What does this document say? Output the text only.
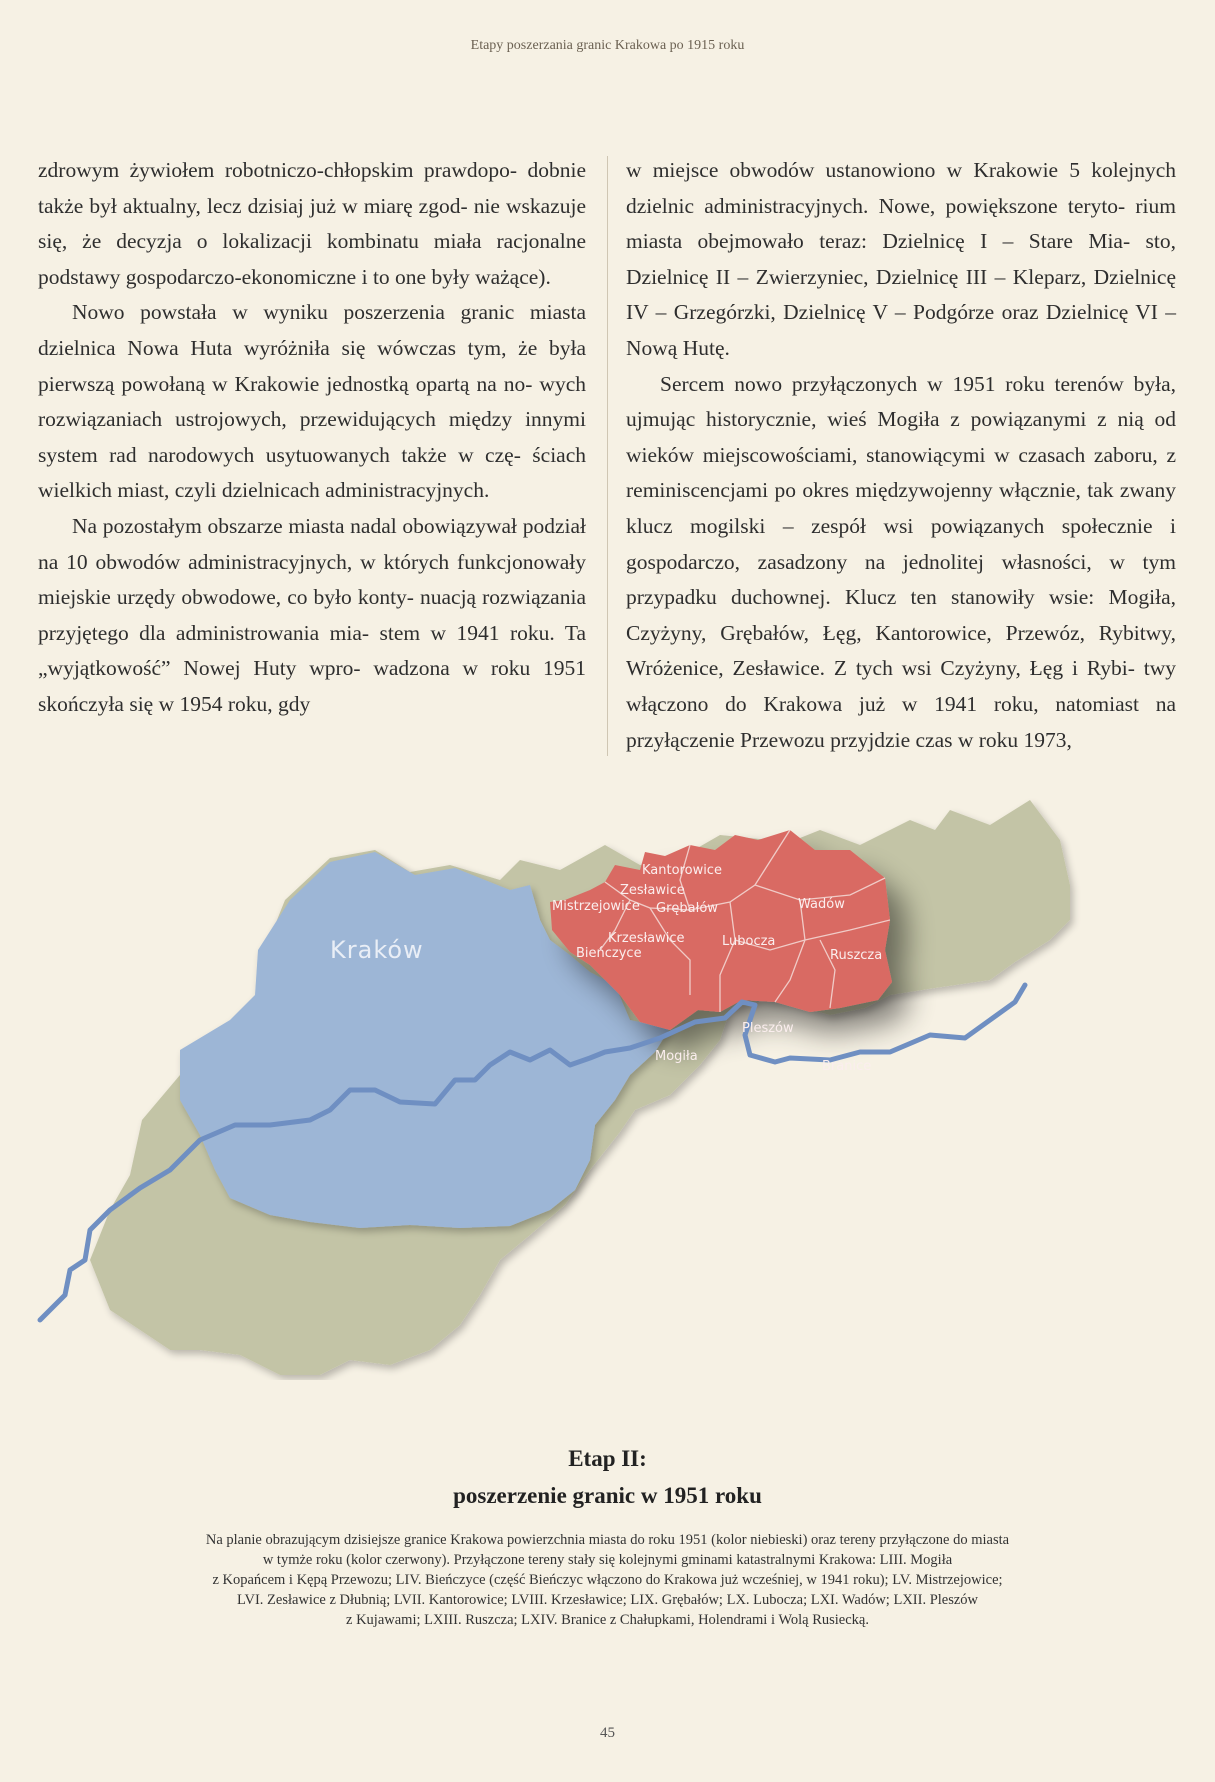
Etapy poszerzania granic Krakowa po 1915 roku

zdrowym żywiołem robotniczo-chłopskim prawdopo- dobnie także był aktualny, lecz dzisiaj już w miarę zgod- nie wskazuje się, że decyzja o lokalizacji kombinatu miała racjonalne podstawy gospodarczo-ekonomiczne i to one były ważące).

Nowo powstała w wyniku poszerzenia granic miasta dzielnica Nowa Huta wyróżniła się wówczas tym, że była pierwszą powołaną w Krakowie jednostką opartą na no- wych rozwiązaniach ustrojowych, przewidujących między innymi system rad narodowych usytuowanych także w czę- ściach wielkich miast, czyli dzielnicach administracyjnych.

Na pozostałym obszarze miasta nadal obowiązywał podział na 10 obwodów administracyjnych, w których funkcjonowały miejskie urzędy obwodowe, co było konty- nuacją rozwiązania przyjętego dla administrowania mia- stem w 1941 roku. Ta „wyjątkowość” Nowej Huty wpro- wadzona w roku 1951 skończyła się w 1954 roku, gdy

w miejsce obwodów ustanowiono w Krakowie 5 kolejnych dzielnic administracyjnych. Nowe, powiększone teryto- rium miasta obejmowało teraz: Dzielnicę I – Stare Mia- sto, Dzielnicę II – Zwierzyniec, Dzielnicę III – Kleparz, Dzielnicę IV – Grzegórzki, Dzielnicę V – Podgórze oraz Dzielnicę VI – Nową Hutę.

Sercem nowo przyłączonych w 1951 roku terenów była, ujmując historycznie, wieś Mogiła z powiązanymi z nią od wieków miejscowościami, stanowiącymi w czasach zaboru, z reminiscencjami po okres międzywojenny włącznie, tak zwany klucz mogilski – zespół wsi powiązanych społecznie i gospodarczo, zasadzony na jednolitej własności, w tym przypadku duchownej. Klucz ten stanowiły wsie: Mogiła, Czyżyny, Grębałów, Łęg, Kantorowice, Przewóz, Rybitwy, Wróżenice, Zesławice. Z tych wsi Czyżyny, Łęg i Rybi- twy włączono do Krakowa już w 1941 roku, natomiast na przyłączenie Przewozu przyjdzie czas w roku 1973,

Kraków
Kantorowice
Zesławice
Mistrzejowice Grębałów	Wadów
Krzesławice
Bieńczyce
Lubocza
Ruszcza
Pleszów
Mogiła
Branice
Etap II:
poszerzenie granic w 1951 roku
Na planie obrazującym dzisiejsze granice Krakowa powierzchnia miasta do roku 1951 (kolor niebieski) oraz tereny przyłączone do miasta
w tymże roku (kolor czerwony). Przyłączone tereny stały się kolejnymi gminami katastralnymi Krakowa: LIII. Mogiła
z Kopańcem i Kępą Przewozu; LIV. Bieńczyce (część Bieńczyc włączono do Krakowa już wcześniej, w 1941 roku); LV. Mistrzejowice;
LVI. Zesławice z Dłubnią; LVII. Kantorowice; LVIII. Krzesławice; LIX. Grębałów; LX. Lubocza; LXI. Wadów; LXII. Pleszów
z Kujawami; LXIII. Ruszcza; LXIV. Branice z Chałupkami, Holendrami i Wolą Rusiecką.
45
